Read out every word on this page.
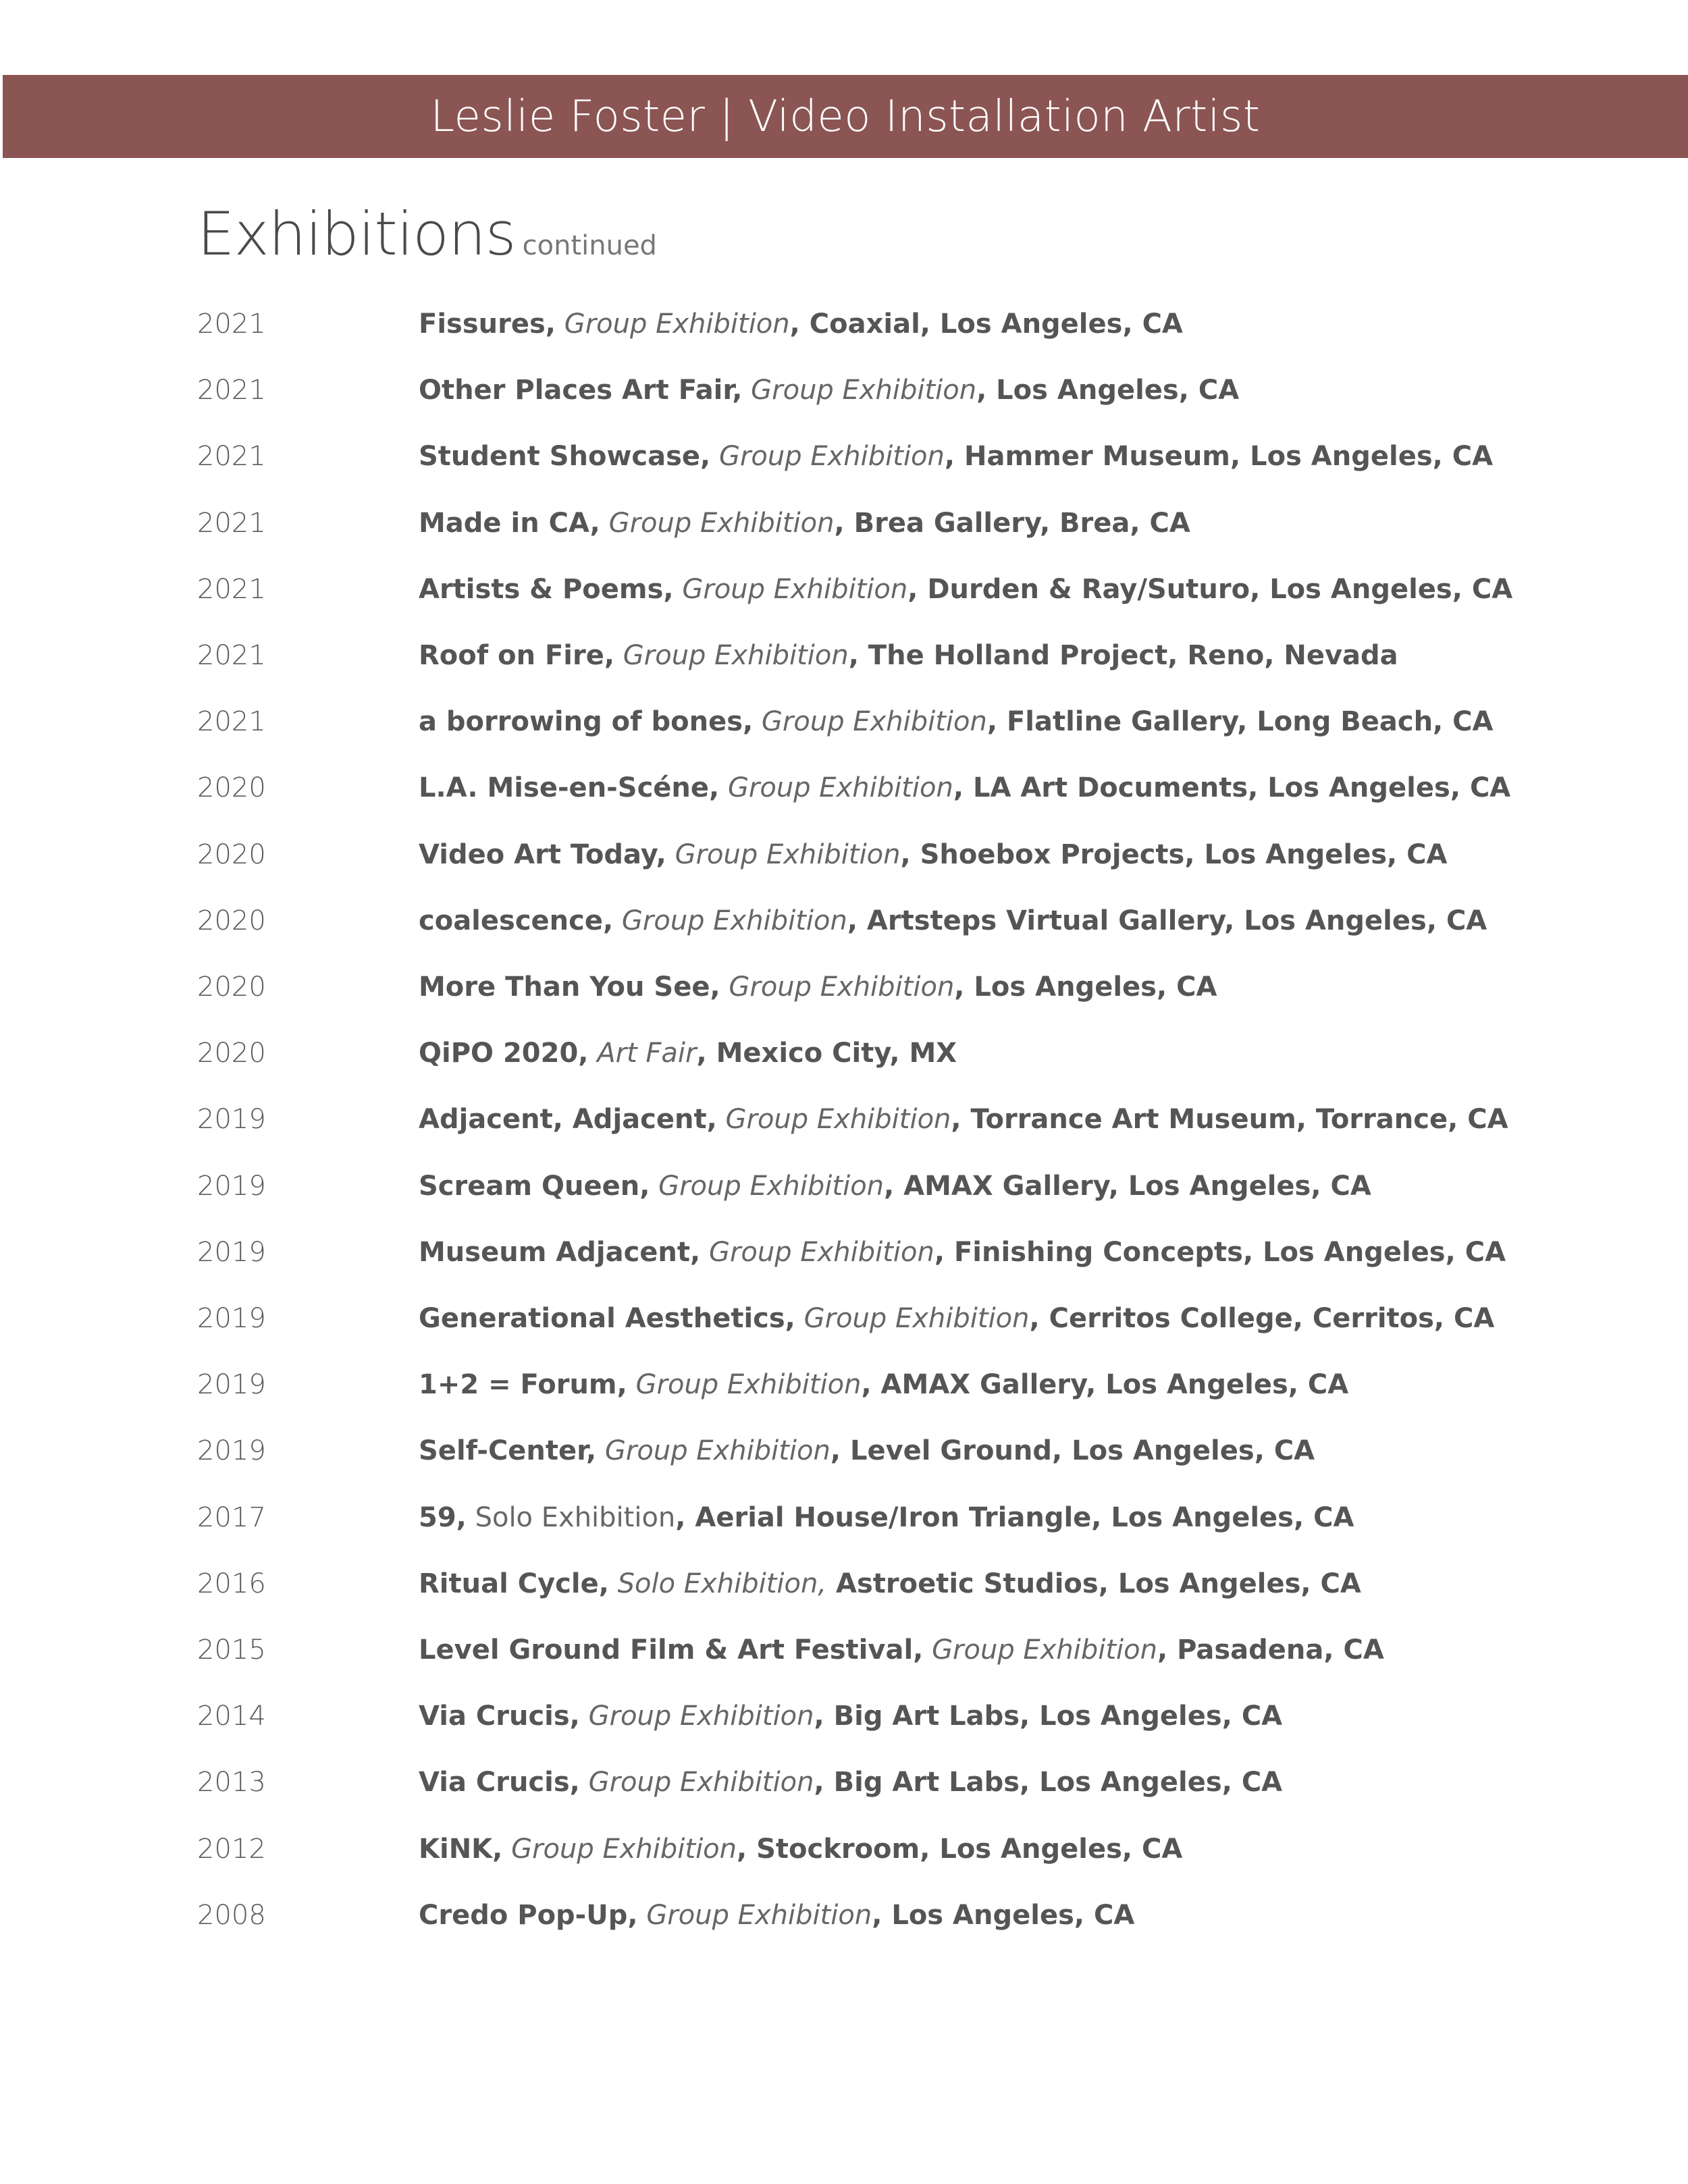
Leslie Foster | Video Installation Artist
Exhibitions continued
2021	Fissures, Group Exhibition, Coaxial, Los Angeles, CA
2021	Other Places Art Fair, Group Exhibition, Los Angeles, CA
2021	Student Showcase, Group Exhibition, Hammer Museum, Los Angeles, CA
2021	Made in CA, Group Exhibition, Brea Gallery, Brea, CA
2021	Artists & Poems, Group Exhibition, Durden & Ray/Suturo, Los Angeles, CA
2021	Roof on Fire, Group Exhibition, The Holland Project, Reno, Nevada
2021	a borrowing of bones, Group Exhibition, Flatline Gallery, Long Beach, CA
2020	L.A. Mise-en-Scéne, Group Exhibition, LA Art Documents, Los Angeles, CA
2020	Video Art Today, Group Exhibition, Shoebox Projects, Los Angeles, CA
2020	coalescence, Group Exhibition, Artsteps Virtual Gallery, Los Angeles, CA
2020	More Than You See, Group Exhibition, Los Angeles, CA
2020	QiPO 2020, Art Fair, Mexico City, MX
2019	Adjacent, Adjacent, Group Exhibition, Torrance Art Museum, Torrance, CA
2019	Scream Queen, Group Exhibition, AMAX Gallery, Los Angeles, CA
2019	Museum Adjacent, Group Exhibition, Finishing Concepts, Los Angeles, CA
2019	Generational Aesthetics, Group Exhibition, Cerritos College, Cerritos, CA
2019	1+2 = Forum, Group Exhibition, AMAX Gallery, Los Angeles, CA
2019	Self-Center, Group Exhibition, Level Ground, Los Angeles, CA
2017	59, Solo Exhibition, Aerial House/Iron Triangle, Los Angeles, CA
2016	Ritual Cycle, Solo Exhibition, Astroetic Studios, Los Angeles, CA
2015	Level Ground Film & Art Festival, Group Exhibition, Pasadena, CA
2014	Via Crucis, Group Exhibition, Big Art Labs, Los Angeles, CA
2013	Via Crucis, Group Exhibition, Big Art Labs, Los Angeles, CA
2012	KiNK, Group Exhibition, Stockroom, Los Angeles, CA
2008	Credo Pop-Up, Group Exhibition, Los Angeles, CA
